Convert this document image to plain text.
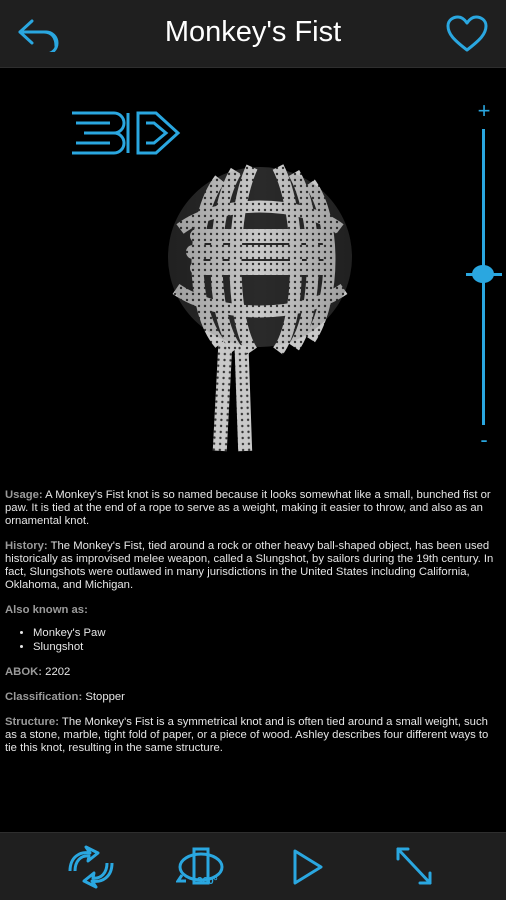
Monkey's Fist
+
-

Usage: A Monkey's Fist knot is so named because it looks somewhat like a small, bunched fist or paw. It is tied at the end of a rope to serve as a weight, making it easier to throw, and also as an ornamental knot.

History: The Monkey's Fist, tied around a rock or other heavy ball-shaped object, has been used historically as improvised melee weapon, called a Slungshot, by sailors during the 19th century. In fact, Slungshots were outlawed in many jurisdictions in the United States including California, Oklahoma, and Michigan.

Also known as:

• Monkey's Paw
• Slungshot

ABOK: 2202

Classification: Stopper

Structure: The Monkey's Fist is a symmetrical knot and is often tied around a small weight, such as a stone, marble, tight fold of paper, or a piece of wood. Ashley describes four different ways to tie this knot, resulting in the same structure.

360°
